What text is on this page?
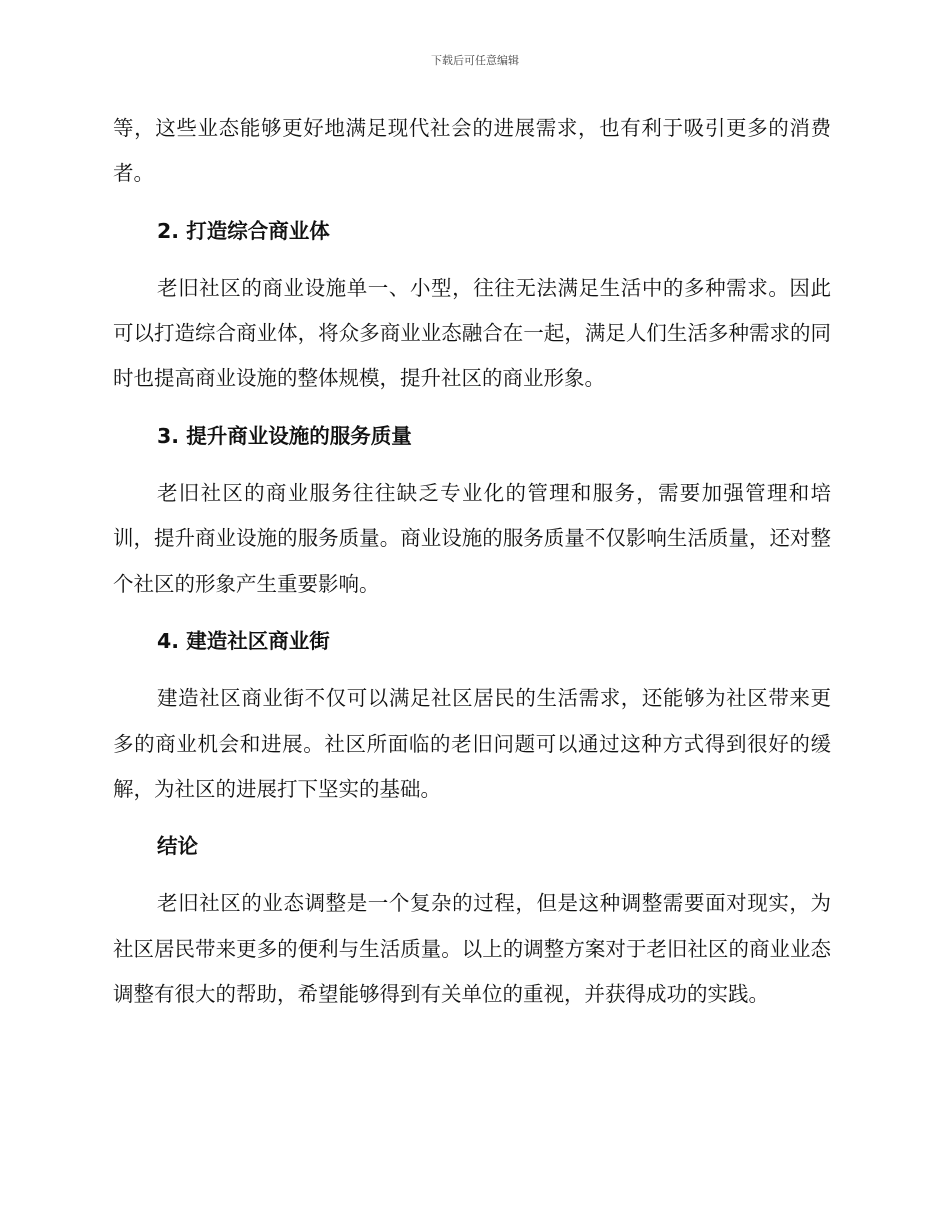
下载后可任意编辑

等，这些业态能够更好地满足现代社会的进展需求，也有利于吸引更多的消费者。

2. 打造综合商业体

老旧社区的商业设施单一、小型，往往无法满足生活中的多种需求。因此可以打造综合商业体，将众多商业业态融合在一起，满足人们生活多种需求的同时也提高商业设施的整体规模，提升社区的商业形象。

3. 提升商业设施的服务质量

老旧社区的商业服务往往缺乏专业化的管理和服务，需要加强管理和培训，提升商业设施的服务质量。商业设施的服务质量不仅影响生活质量，还对整个社区的形象产生重要影响。

4. 建造社区商业街

建造社区商业街不仅可以满足社区居民的生活需求，还能够为社区带来更多的商业机会和进展。社区所面临的老旧问题可以通过这种方式得到很好的缓解，为社区的进展打下坚实的基础。

结论

老旧社区的业态调整是一个复杂的过程，但是这种调整需要面对现实，为社区居民带来更多的便利与生活质量。以上的调整方案对于老旧社区的商业业态调整有很大的帮助，希望能够得到有关单位的重视，并获得成功的实践。
